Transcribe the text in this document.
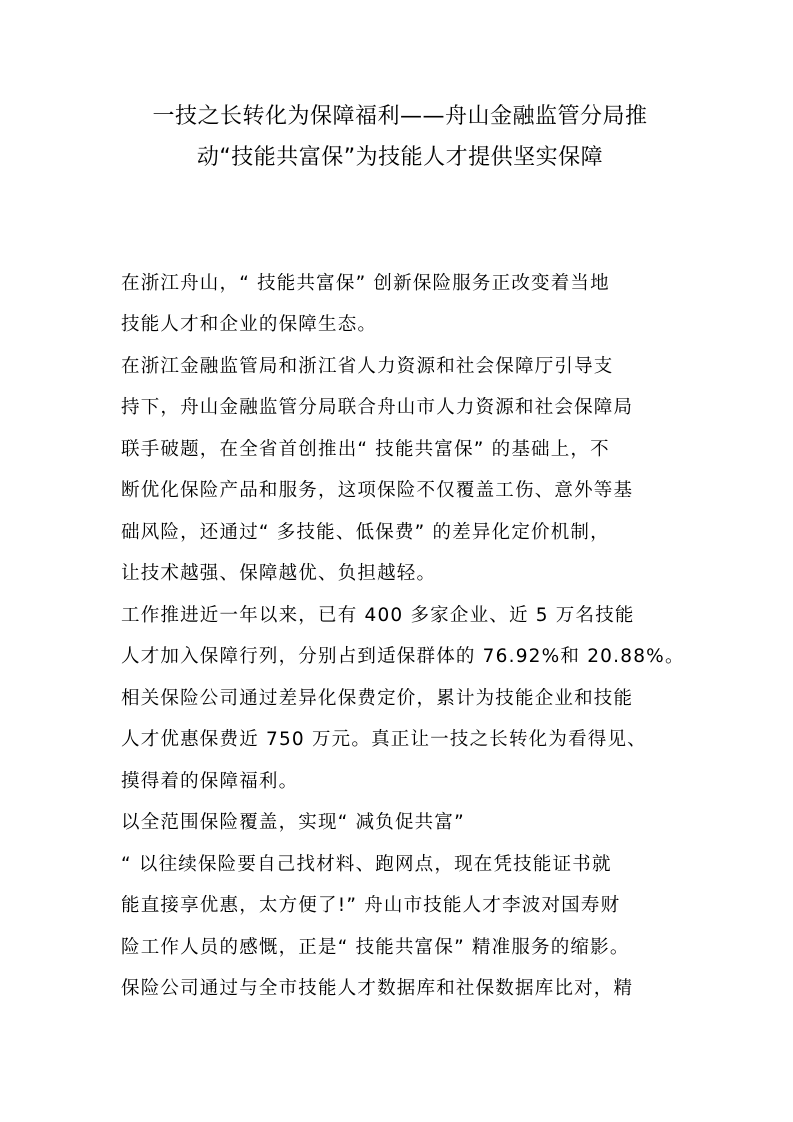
一技之长转化为保障福利——舟山金融监管分局推
动“技能共富保”为技能人才提供坚实保障

在浙江舟山，“ 技能共富保” 创新保险服务正改变着当地

技能人才和企业的保障生态。

在浙江金融监管局和浙江省人力资源和社会保障厅引导支

持下，舟山金融监管分局联合舟山市人力资源和社会保障局

联手破题，在全省首创推出“ 技能共富保” 的基础上，不

断优化保险产品和服务，这项保险不仅覆盖工伤、意外等基

础风险，还通过“ 多技能、低保费” 的差异化定价机制，

让技术越强、保障越优、负担越轻。

工作推进近一年以来，已有 400 多家企业、近 5 万名技能

人才加入保障行列，分别占到适保群体的 76.92%和 20.88%。

相关保险公司通过差异化保费定价，累计为技能企业和技能

人才优惠保费近 750 万元。真正让一技之长转化为看得见、

摸得着的保障福利。

以全范围保险覆盖，实现“ 减负促共富”

“ 以往续保险要自己找材料、跑网点，现在凭技能证书就

能直接享优惠，太方便了!” 舟山市技能人才李波对国寿财

险工作人员的感慨，正是“ 技能共富保” 精准服务的缩影。

保险公司通过与全市技能人才数据库和社保数据库比对，精
